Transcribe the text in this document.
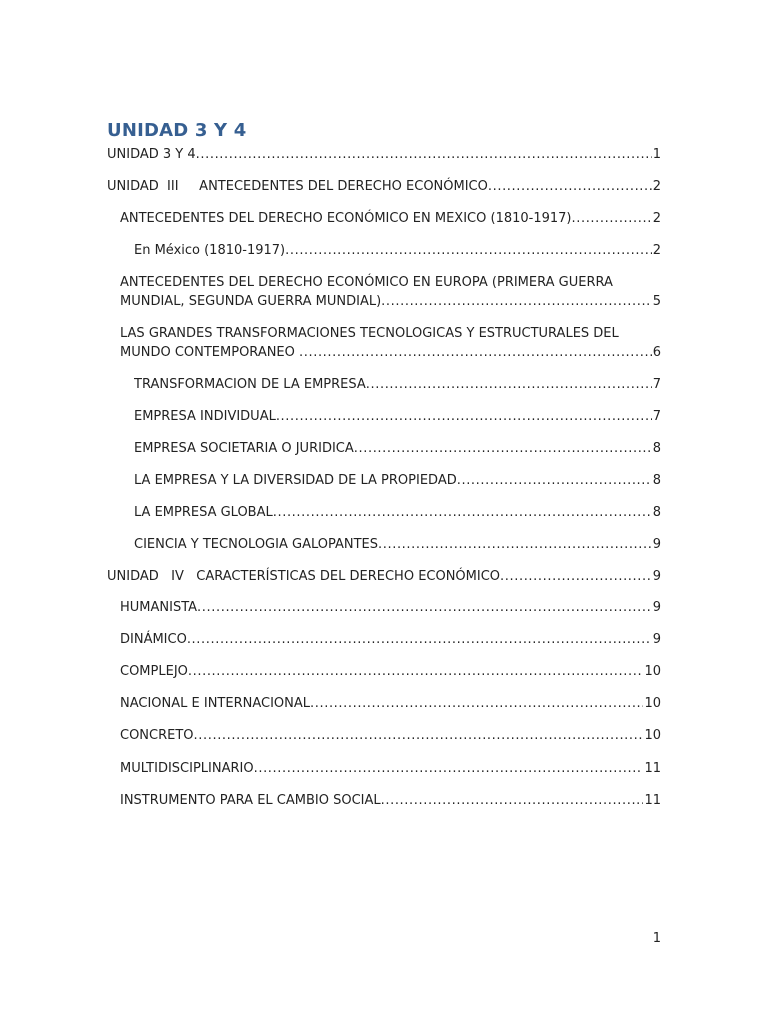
UNIDAD 3 Y 4
UNIDAD 3 Y 4 .....	1
UNIDAD  III     ANTECEDENTES DEL DERECHO ECONÓMICO .....	2
ANTECEDENTES DEL DERECHO ECONÓMICO EN MEXICO (1810-1917) .....	2
En México (1810-1917) .....	2
ANTECEDENTES DEL DERECHO ECONÓMICO EN EUROPA (PRIMERA GUERRA
MUNDIAL, SEGUNDA GUERRA MUNDIAL) .....	5
LAS GRANDES TRANSFORMACIONES TECNOLOGICAS Y ESTRUCTURALES DEL
MUNDO CONTEMPORANEO .....	6
TRANSFORMACION DE LA EMPRESA .....	7
EMPRESA INDIVIDUAL .....	7
EMPRESA SOCIETARIA O JURIDICA .....	8
LA EMPRESA Y LA DIVERSIDAD DE LA PROPIEDAD .....	8
LA EMPRESA GLOBAL .....	8
CIENCIA Y TECNOLOGIA GALOPANTES .....	9
UNIDAD   IV   CARACTERÍSTICAS DEL DERECHO ECONÓMICO .....	9
HUMANISTA .....	9
DINÁMICO .....	9
COMPLEJO .....	10
NACIONAL E INTERNACIONAL .....	10
CONCRETO .....	10
MULTIDISCIPLINARIO .....	11
INSTRUMENTO PARA EL CAMBIO SOCIAL .....	11
1
